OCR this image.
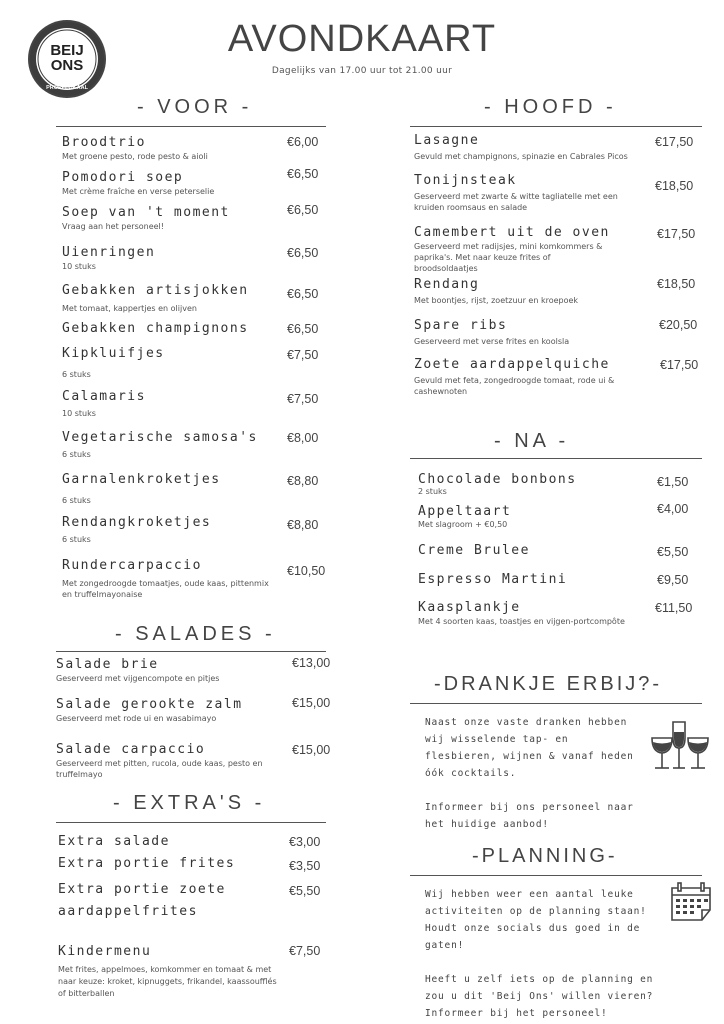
BEIJ
ONS
PROEFLOKAAL
AVONDKAART
Dagelijks van 17.00 uur tot 21.00 uur
- VOOR -
Broodtrio
Met groene pesto, rode pesto & aioli
€6,00
Pomodori soep
Met crème fraîche en verse peterselie
€6,50
Soep van 't moment
Vraag aan het personeel!
€6,50
Uienringen
10 stuks
€6,50
Gebakken artisjokken
Met tomaat, kappertjes en olijven
€6,50
Gebakken champignons	€6,50
Kipkluifjes
6 stuks
€7,50
Calamaris
10 stuks
€7,50
Vegetarische samosa's
6 stuks
€8,00
Garnalenkroketjes
6 stuks
€8,80
Rendangkroketjes
6 stuks
€8,80
Rundercarpaccio
Met zongedroogde tomaatjes, oude kaas, pittenmix en truffelmayonaise
€10,50
- SALADES -
Salade brie
Geserveerd met vijgencompote en pitjes
€13,00
Salade gerookte zalm
Geserveerd met rode ui en wasabimayo
€15,00
Salade carpaccio
Geserveerd met pitten, rucola, oude kaas, pesto en truffelmayo
€15,00
- EXTRA'S -
Extra salade	€3,00
Extra portie frites	€3,50
Extra portie zoete aardappelfrites
€5,50
Kindermenu
Met frites, appelmoes, komkommer en tomaat & met naar keuze: kroket, kipnuggets, frikandel, kaassoufflés of bitterballen
€7,50
- HOOFD -
Lasagne
Gevuld met champignons, spinazie en Cabrales Picos
€17,50
Tonijnsteak
Geserveerd met zwarte & witte tagliatelle met een kruiden roomsaus en salade
€18,50
Camembert uit de oven
Geserveerd met radijsjes, mini komkommers & paprika's. Met naar keuze frites of broodsoldaatjes
€17,50
Rendang
Met boontjes, rijst, zoetzuur en kroepoek
€18,50
Spare ribs
Geserveerd met verse frites en koolsla
€20,50
Zoete aardappelquiche
Gevuld met feta, zongedroogde tomaat, rode ui & cashewnoten
€17,50
- NA -
Chocolade bonbons
2 stuks
€1,50
Appeltaart
Met slagroom + €0,50
€4,00
Creme Brulee	€5,50
Espresso Martini	€9,50
Kaasplankje
Met 4 soorten kaas, toastjes en vijgen-portcompôte
€11,50
-DRANKJE ERBIJ?-
Naast onze vaste dranken hebben wij wisselende tap- en flesbieren, wijnen & vanaf heden óók cocktails.
Informeer bij ons personeel naar het huidige aanbod!
-PLANNING-
Wij hebben weer een aantal leuke activiteiten op de planning staan! Houdt onze socials dus goed in de gaten!
Heeft u zelf iets op de planning en zou u dit 'Beij Ons' willen vieren? Informeer bij het personeel!
